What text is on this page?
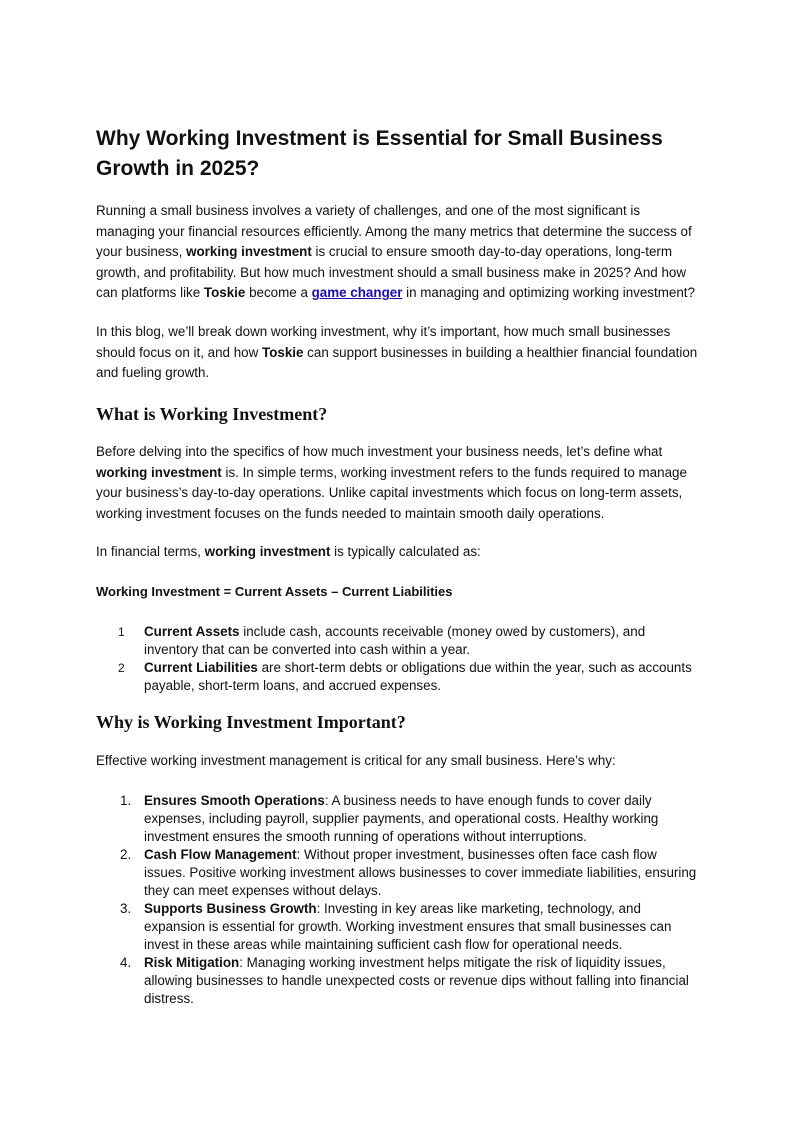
Why Working Investment is Essential for Small Business Growth in 2025?

Running a small business involves a variety of challenges, and one of the most significant is managing your financial resources efficiently. Among the many metrics that determine the success of your business, working investment is crucial to ensure smooth day-to-day operations, long-term growth, and profitability. But how much investment should a small business make in 2025? And how can platforms like Toskie become a game changer in managing and optimizing working investment?

In this blog, we’ll break down working investment, why it’s important, how much small businesses should focus on it, and how Toskie can support businesses in building a healthier financial foundation and fueling growth.

What is Working Investment?

Before delving into the specifics of how much investment your business needs, let’s define what working investment is. In simple terms, working investment refers to the funds required to manage your business’s day-to-day operations. Unlike capital investments which focus on long-term assets, working investment focuses on the funds needed to maintain smooth daily operations.

In financial terms, working investment is typically calculated as:

Working Investment = Current Assets – Current Liabilities
1 Current Assets include cash, accounts receivable (money owed by customers), and inventory that can be converted into cash within a year.
2 Current Liabilities are short-term debts or obligations due within the year, such as accounts payable, short-term loans, and accrued expenses.
Why is Working Investment Important?

Effective working investment management is critical for any small business. Here’s why:

1. Ensures Smooth Operations: A business needs to have enough funds to cover daily expenses, including payroll, supplier payments, and operational costs. Healthy working investment ensures the smooth running of operations without interruptions.
2. Cash Flow Management: Without proper investment, businesses often face cash flow issues. Positive working investment allows businesses to cover immediate liabilities, ensuring they can meet expenses without delays.
3. Supports Business Growth: Investing in key areas like marketing, technology, and expansion is essential for growth. Working investment ensures that small businesses can invest in these areas while maintaining sufficient cash flow for operational needs.
4. Risk Mitigation: Managing working investment helps mitigate the risk of liquidity issues, allowing businesses to handle unexpected costs or revenue dips without falling into financial distress.
